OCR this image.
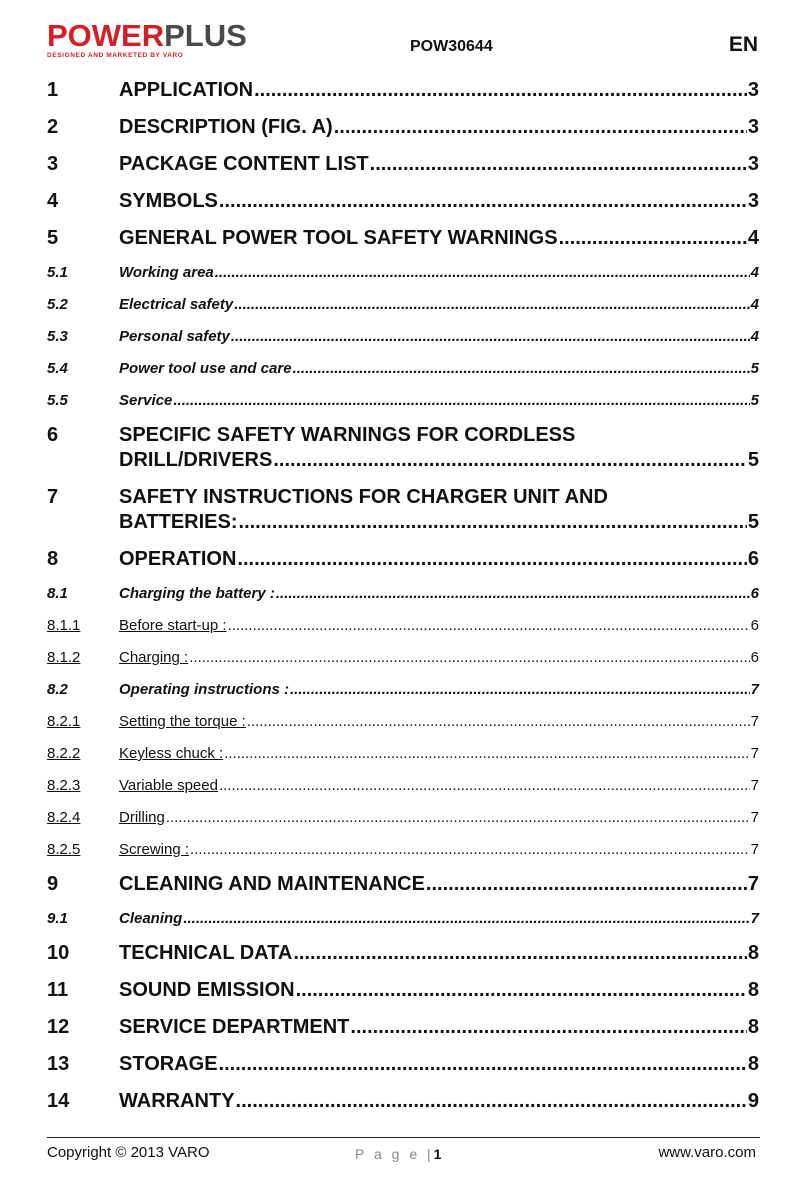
POWERPLUS
DESIGNED AND MARKETED BY VARO
POW30644	EN
1	APPLICATION .....	3
2	DESCRIPTION (FIG. A) .....	3
3	PACKAGE CONTENT LIST .....	3
4	SYMBOLS .....	3
5	GENERAL POWER TOOL SAFETY WARNINGS .....	4
5.1	Working area .....	4
5.2	Electrical safety .....	4
5.3	Personal safety .....	4
5.4	Power tool use and care .....	5
5.5	Service .....	5
6	SPECIFIC SAFETY WARNINGS FOR CORDLESS
DRILL/DRIVERS .....	5
7	SAFETY INSTRUCTIONS FOR CHARGER UNIT AND
BATTERIES: .....	5
8	OPERATION .....	6
8.1	Charging the battery : .....	6
8.1.1	Before start-up : .....	6
8.1.2	Charging : .....	6
8.2	Operating instructions : .....	7
8.2.1	Setting the torque : .....	7
8.2.2	Keyless chuck : .....	7
8.2.3	Variable speed .....	7
8.2.4	Drilling .....	7
8.2.5	Screwing : .....	7
9	CLEANING AND MAINTENANCE .....	7
9.1	Cleaning .....	7
10	TECHNICAL DATA .....	8
11	SOUND EMISSION .....	8
12	SERVICE DEPARTMENT .....	8
13	STORAGE .....	8
14	WARRANTY .....	9
Copyright © 2013 VARO	P a g e |1	www.varo.com
